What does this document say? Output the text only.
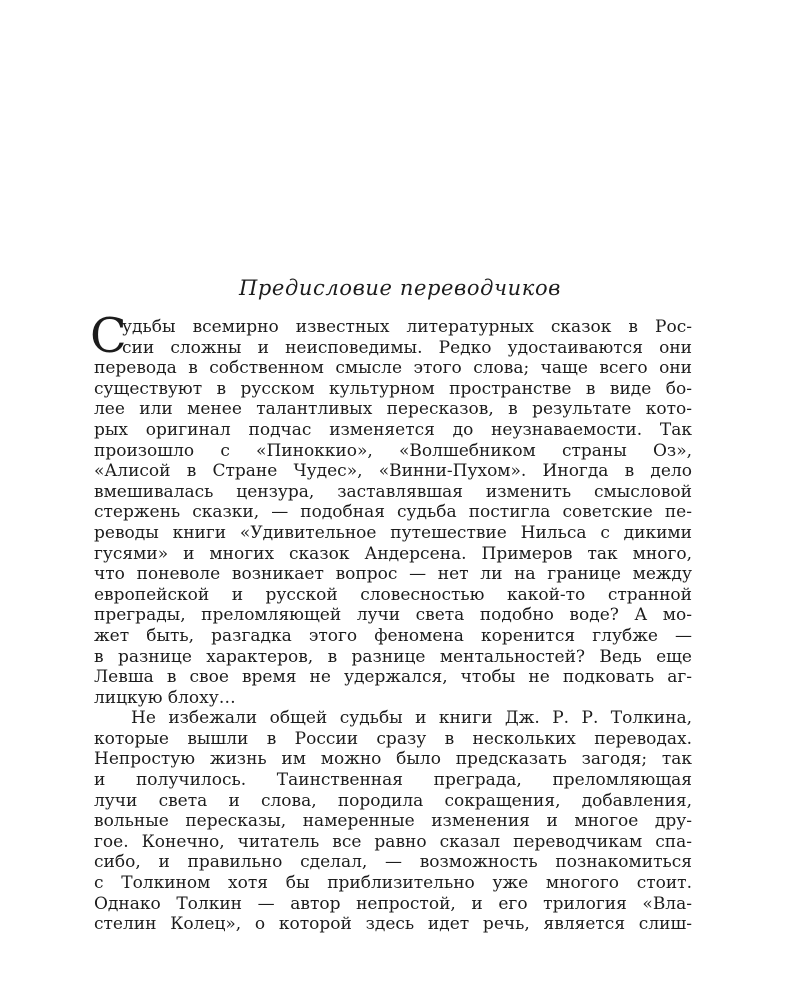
Предисловие переводчиков
С
удьбы всемирно известных литературных сказок в Рос-
сии сложны и неисповедимы. Редко удостаиваются они
перевода в собственном смысле этого слова; чаще всего они
существуют в русском культурном пространстве в виде бо-
лее или менее талантливых пересказов, в результате кото-
рых оригинал подчас изменяется до неузнаваемости. Так
произошло с «Пиноккио», «Волшебником страны Оз»,
«Алисой в Стране Чудес», «Винни-Пухом». Иногда в дело
вмешивалась цензура, заставлявшая изменить смысловой
стержень сказки, — подобная судьба постигла советские пе-
реводы книги «Удивительное путешествие Нильса с дикими
гусями» и многих сказок Андерсена. Примеров так много,
что поневоле возникает вопрос — нет ли на границе между
европейской и русской словесностью какой-то странной
преграды, преломляющей лучи света подобно воде? А мо-
жет быть, разгадка этого феномена коренится глубже —
в разнице характеров, в разнице ментальностей? Ведь еще
Левша в свое время не удержался, чтобы не подковать аг-
лицкую блоху…
Не избежали общей судьбы и книги Дж. Р. Р. Толкина,
которые вышли в России сразу в нескольких переводах.
Непростую жизнь им можно было предсказать загодя; так
и получилось. Таинственная преграда, преломляющая
лучи света и слова, породила сокращения, добавления,
вольные пересказы, намеренные изменения и многое дру-
гое. Конечно, читатель все равно сказал переводчикам спа-
сибо, и правильно сделал, — возможность познакомиться
с Толкином хотя бы приблизительно уже многого стоит.
Однако Толкин — автор непростой, и его трилогия «Вла-
стелин Колец», о которой здесь идет речь, является слиш-
